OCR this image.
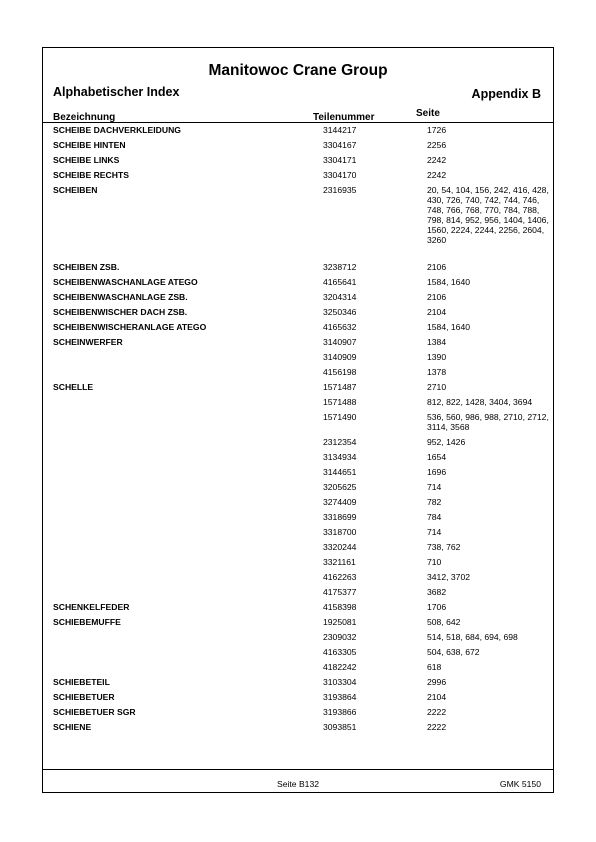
Manitowoc Crane Group
Alphabetischer Index	Appendix B
Bezeichnung	Teilenummer	Seite
SCHEIBE DACHVERKLEIDUNG	3144217	1726
SCHEIBE HINTEN	3304167	2256
SCHEIBE LINKS	3304171	2242
SCHEIBE RECHTS	3304170	2242
SCHEIBEN	2316935	20, 54, 104, 156, 242, 416, 428, 430, 726, 740, 742, 744, 746, 748, 766, 768, 770, 784, 788, 798, 814, 952, 956, 1404, 1406, 1560, 2224, 2244, 2256, 2604, 3260
SCHEIBEN ZSB.	3238712	2106
SCHEIBENWASCHANLAGE ATEGO	4165641	1584, 1640
SCHEIBENWASCHANLAGE ZSB.	3204314	2106
SCHEIBENWISCHER DACH ZSB.	3250346	2104
SCHEIBENWISCHERANLAGE ATEGO	4165632	1584, 1640
SCHEINWERFER	3140907	1384
3140909	1390
4156198	1378
SCHELLE	1571487	2710
1571488	812, 822, 1428, 3404, 3694
1571490	536, 560, 986, 988, 2710, 2712, 3114, 3568
2312354	952, 1426
3134934	1654
3144651	1696
3205625	714
3274409	782
3318699	784
3318700	714
3320244	738, 762
3321161	710
4162263	3412, 3702
4175377	3682
SCHENKELFEDER	4158398	1706
SCHIEBEMUFFE	1925081	508, 642
2309032	514, 518, 684, 694, 698
4163305	504, 638, 672
4182242	618
SCHIEBETEIL	3103304	2996
SCHIEBETUER	3193864	2104
SCHIEBETUER SGR	3193866	2222
SCHIENE	3093851	2222
Seite B132	GMK 5150
